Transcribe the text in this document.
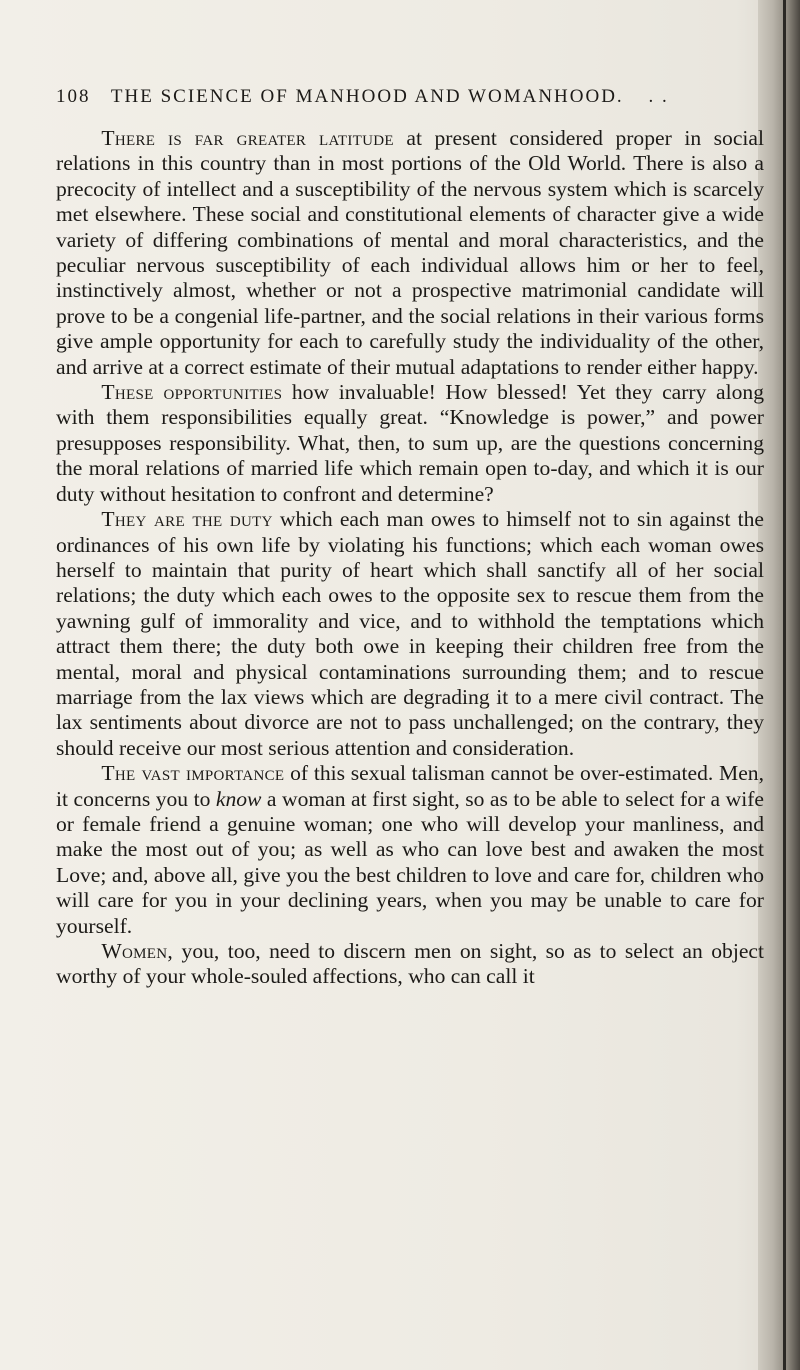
108 THE SCIENCE OF MANHOOD AND WOMANHOOD. . .

There is far greater latitude at present considered proper in social relations in this country than in most portions of the Old World. There is also a precocity of intellect and a susceptibility of the nervous system which is scarcely met elsewhere. These social and constitutional elements of character give a wide variety of differing combinations of mental and moral characteristics, and the peculiar nervous susceptibility of each individual allows him or her to feel, instinctively almost, whether or not a prospective matrimonial candidate will prove to be a congenial life-partner, and the social relations in their various forms give ample opportunity for each to carefully study the individuality of the other, and arrive at a correct estimate of their mutual adaptations to render either happy.

These opportunities how invaluable! How blessed! Yet they carry along with them responsibilities equally great. “Knowledge is power,” and power presupposes responsibility. What, then, to sum up, are the questions concerning the moral relations of married life which remain open to-day, and which it is our duty without hesitation to confront and determine?

They are the duty which each man owes to himself not to sin against the ordinances of his own life by violating his functions; which each woman owes herself to maintain that purity of heart which shall sanctify all of her social relations; the duty which each owes to the opposite sex to rescue them from the yawning gulf of immorality and vice, and to withhold the temptations which attract them there; the duty both owe in keeping their children free from the mental, moral and physical contaminations surrounding them; and to rescue marriage from the lax views which are degrading it to a mere civil contract. The lax sentiments about divorce are not to pass unchallenged; on the contrary, they should receive our most serious attention and consideration.

The vast importance of this sexual talisman cannot be over-estimated. Men, it concerns you to know a woman at first sight, so as to be able to select for a wife or female friend a genuine woman; one who will develop your manliness, and make the most out of you; as well as who can love best and awaken the most Love; and, above all, give you the best children to love and care for, children who will care for you in your declining years, when you may be unable to care for yourself.

Women, you, too, need to discern men on sight, so as to select an object worthy of your whole-souled affections, who can call it
